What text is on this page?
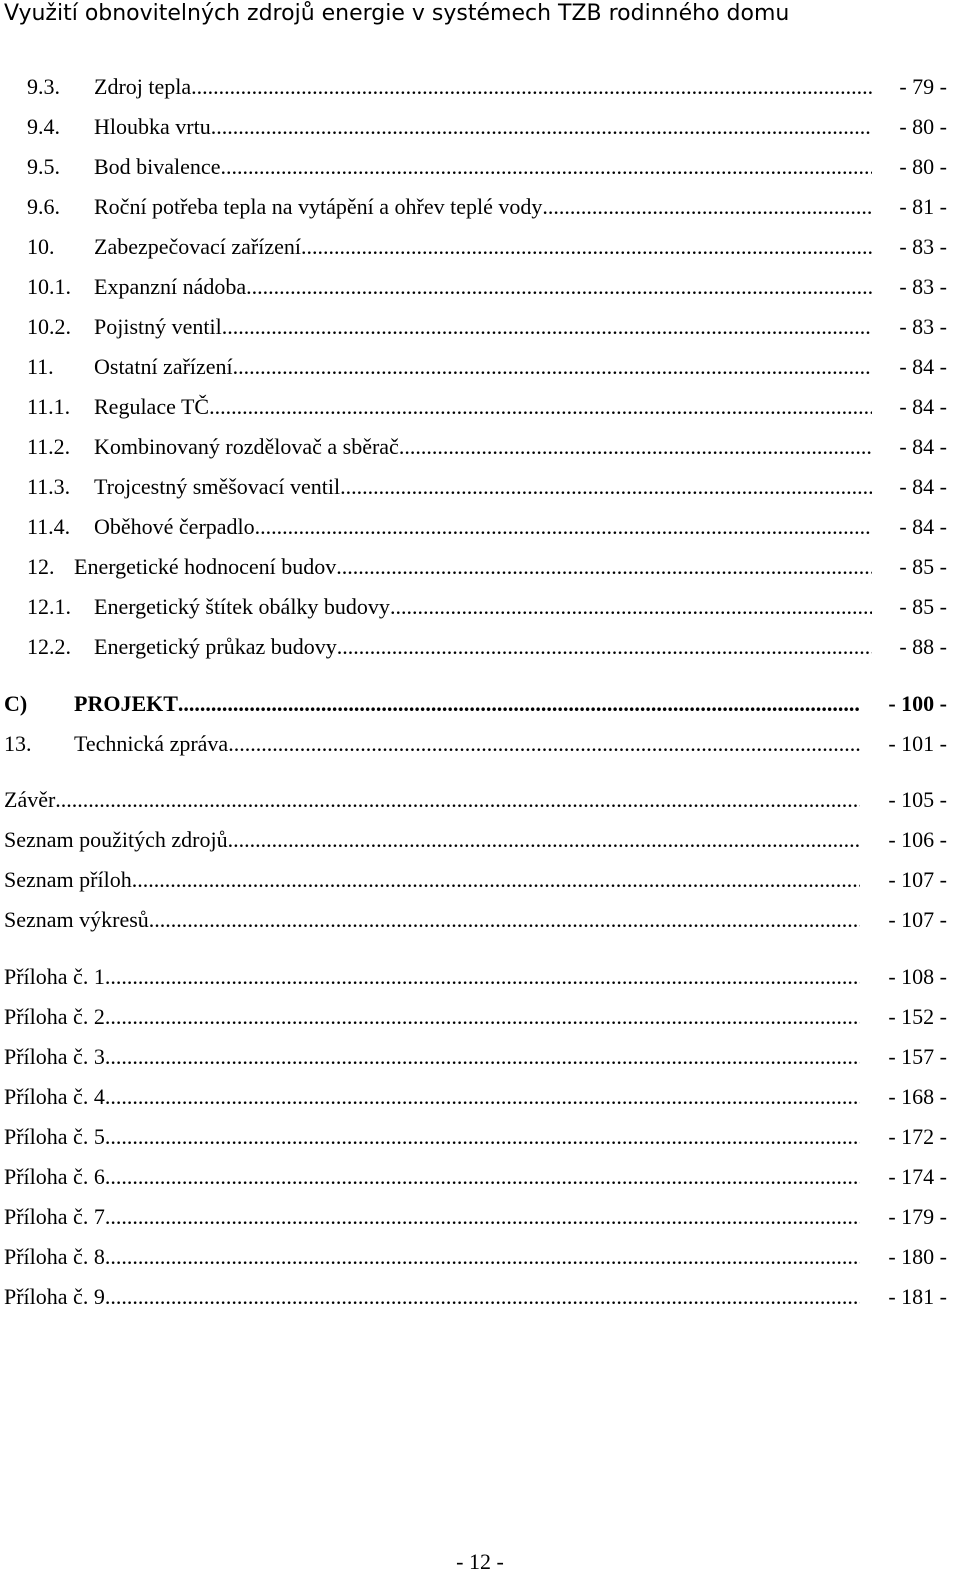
Využití obnovitelných zdrojů energie v systémech TZB rodinného domu
9.3. Zdroj tepla .....	- 79 -
9.4. Hloubka vrtu .....	- 80 -
9.5. Bod bivalence .....	- 80 -
9.6. Roční potřeba tepla na vytápění a ohřev teplé vody .....	- 81 -
10. Zabezpečovací zařízení .....	- 83 -
10.1. Expanzní nádoba .....	- 83 -
10.2. Pojistný ventil .....	- 83 -
11. Ostatní zařízení .....	- 84 -
11.1. Regulace TČ .....	- 84 -
11.2. Kombinovaný rozdělovač a sběrač .....	- 84 -
11.3. Trojcestný směšovací ventil .....	- 84 -
11.4. Oběhové čerpadlo .....	- 84 -
12. Energetické hodnocení budov .....	- 85 -
12.1. Energetický štítek obálky budovy .....	- 85 -
12.2. Energetický průkaz budovy .....	- 88 -
C) PROJEKT .....	- 100 -
13. Technická zpráva .....	- 101 -
Závěr .....	- 105 -
Seznam použitých zdrojů .....	- 106 -
Seznam příloh .....	- 107 -
Seznam výkresů .....	- 107 -
Příloha č. 1. .....	- 108 -
Příloha č. 2. .....	- 152 -
Příloha č. 3. .....	- 157 -
Příloha č. 4. .....	- 168 -
Příloha č. 5. .....	- 172 -
Příloha č. 6. .....	- 174 -
Příloha č. 7. .....	- 179 -
Příloha č. 8. .....	- 180 -
Příloha č. 9. .....	- 181 -
- 12 -
